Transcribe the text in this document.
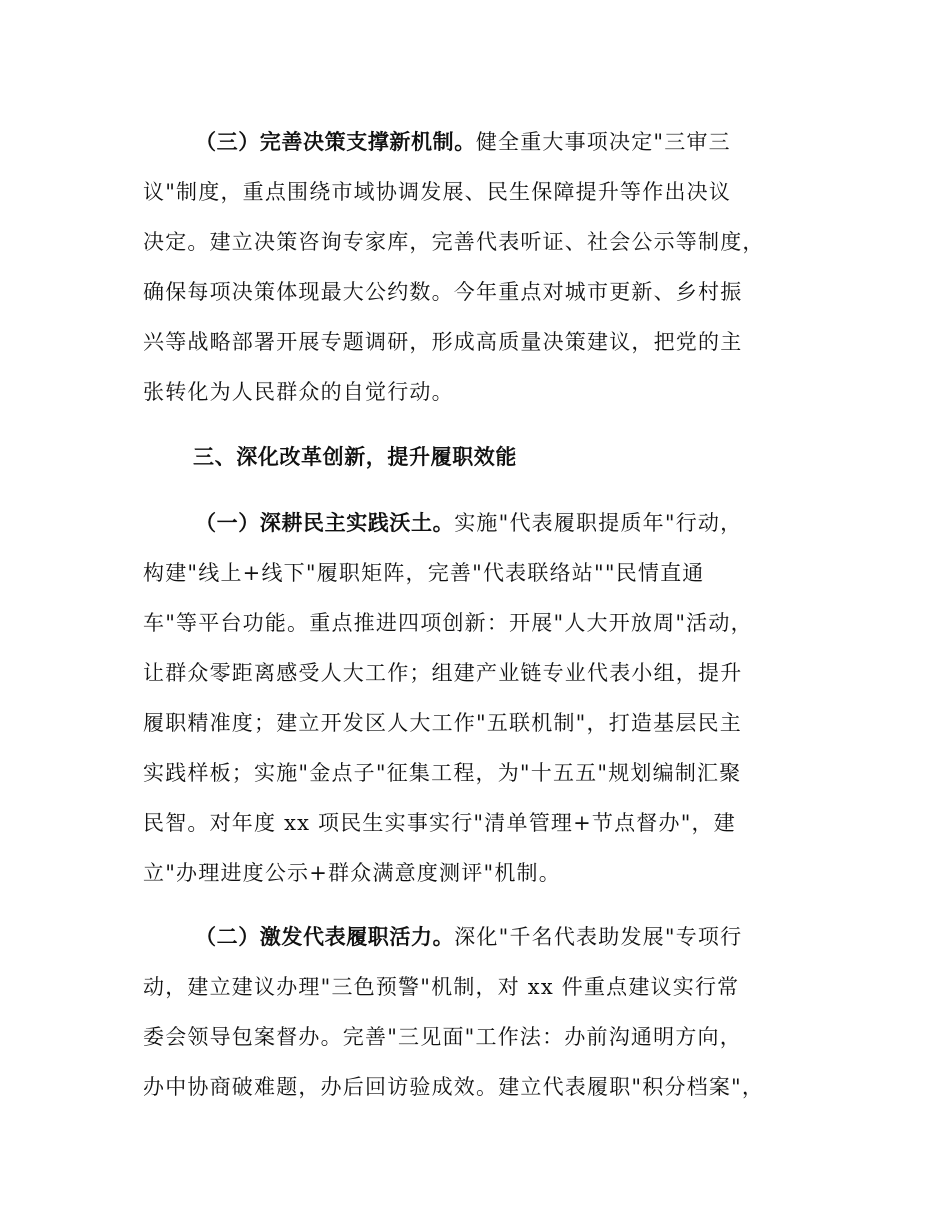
（三）完善决策支撑新机制。健全重大事项决定"三审三
议"制度，重点围绕市域协调发展、民生保障提升等作出决议
决定。建立决策咨询专家库，完善代表听证、社会公示等制度，
确保每项决策体现最大公约数。今年重点对城市更新、乡村振
兴等战略部署开展专题调研，形成高质量决策建议，把党的主
张转化为人民群众的自觉行动。
三、深化改革创新，提升履职效能
（一）深耕民主实践沃土。实施"代表履职提质年"行动，
构建"线上+线下"履职矩阵，完善"代表联络站""民情直通
车"等平台功能。重点推进四项创新：开展"人大开放周"活动，
让群众零距离感受人大工作；组建产业链专业代表小组，提升
履职精准度；建立开发区人大工作"五联机制"，打造基层民主
实践样板；实施"金点子"征集工程，为"十五五"规划编制汇聚
民智。对年度 xx 项民生实事实行"清单管理+节点督办"，建
立"办理进度公示+群众满意度测评"机制。
（二）激发代表履职活力。深化"千名代表助发展"专项行
动，建立建议办理"三色预警"机制，对 xx 件重点建议实行常
委会领导包案督办。完善"三见面"工作法：办前沟通明方向，
办中协商破难题，办后回访验成效。建立代表履职"积分档案"，
